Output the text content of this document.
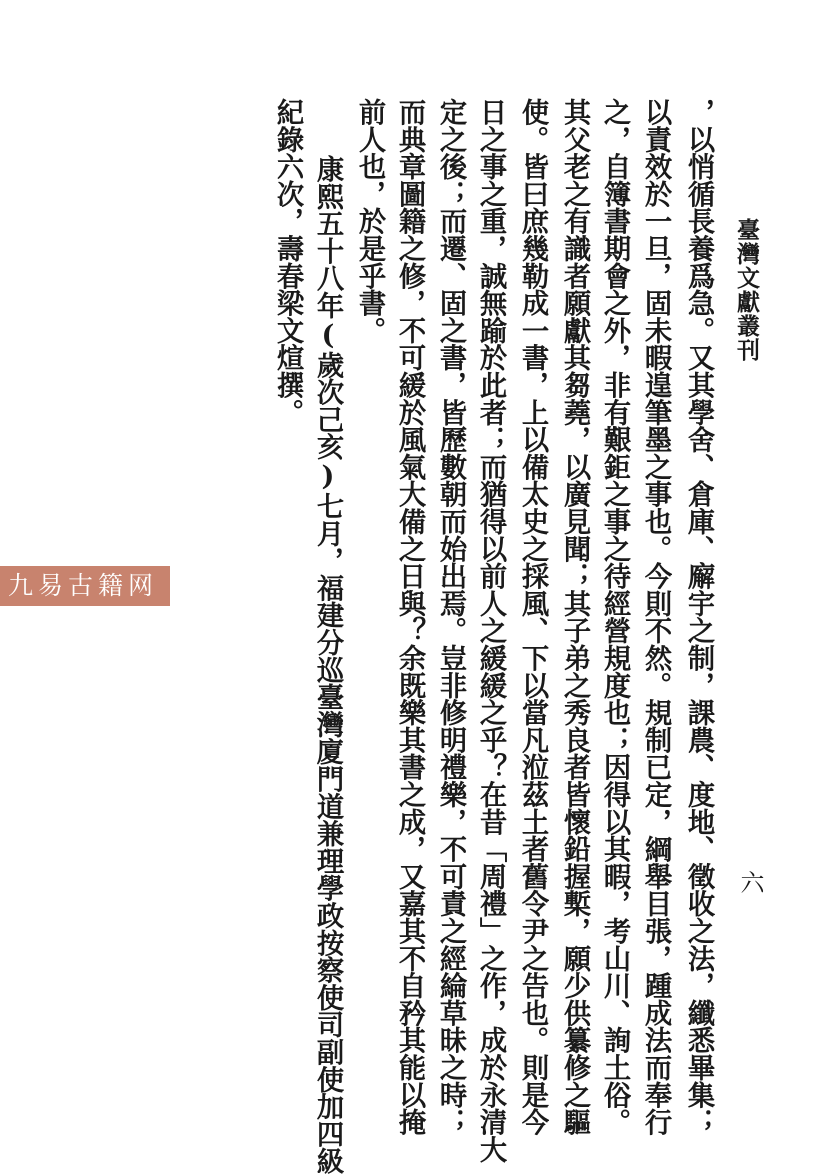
臺灣文獻叢刊
六
，以悄循長養爲急。又其學舍、倉庫、廨宇之制，課農、度地、徵收之法，纖悉畢集；
以責效於一旦，固未暇遑筆墨之事也。今則不然。規制已定，綱舉目張，踵成法而奉行
之，自簿書期會之外，非有艱鉅之事之待經營規度也；因得以其暇，考山川、詢土俗。
其父老之有識者願獻其芻蕘，以廣見聞；其子弟之秀良者皆懷鉛握槧，願少供纂修之驅
使。皆曰庶幾勒成一書，上以備太史之採風、下以當凡涖茲土者舊令尹之告也。則是今
日之事之重，誠無踰於此者；而猶得以前人之緩緩之乎？在昔「周禮」之作，成於永清大
定之後；而遷、固之書，皆歷數朝而始出焉。豈非修明禮樂，不可責之經綸草昧之時；
而典章圖籍之修，不可緩於風氣大備之日與？余既樂其書之成，又嘉其不自矜其能以掩
前人也，於是乎書。
康熙五十八年(歲次己亥)七月，福建分巡臺灣廈門道兼理學政按察使司副使加四級
紀錄六次，壽春梁文煊撰。
九易古籍网
